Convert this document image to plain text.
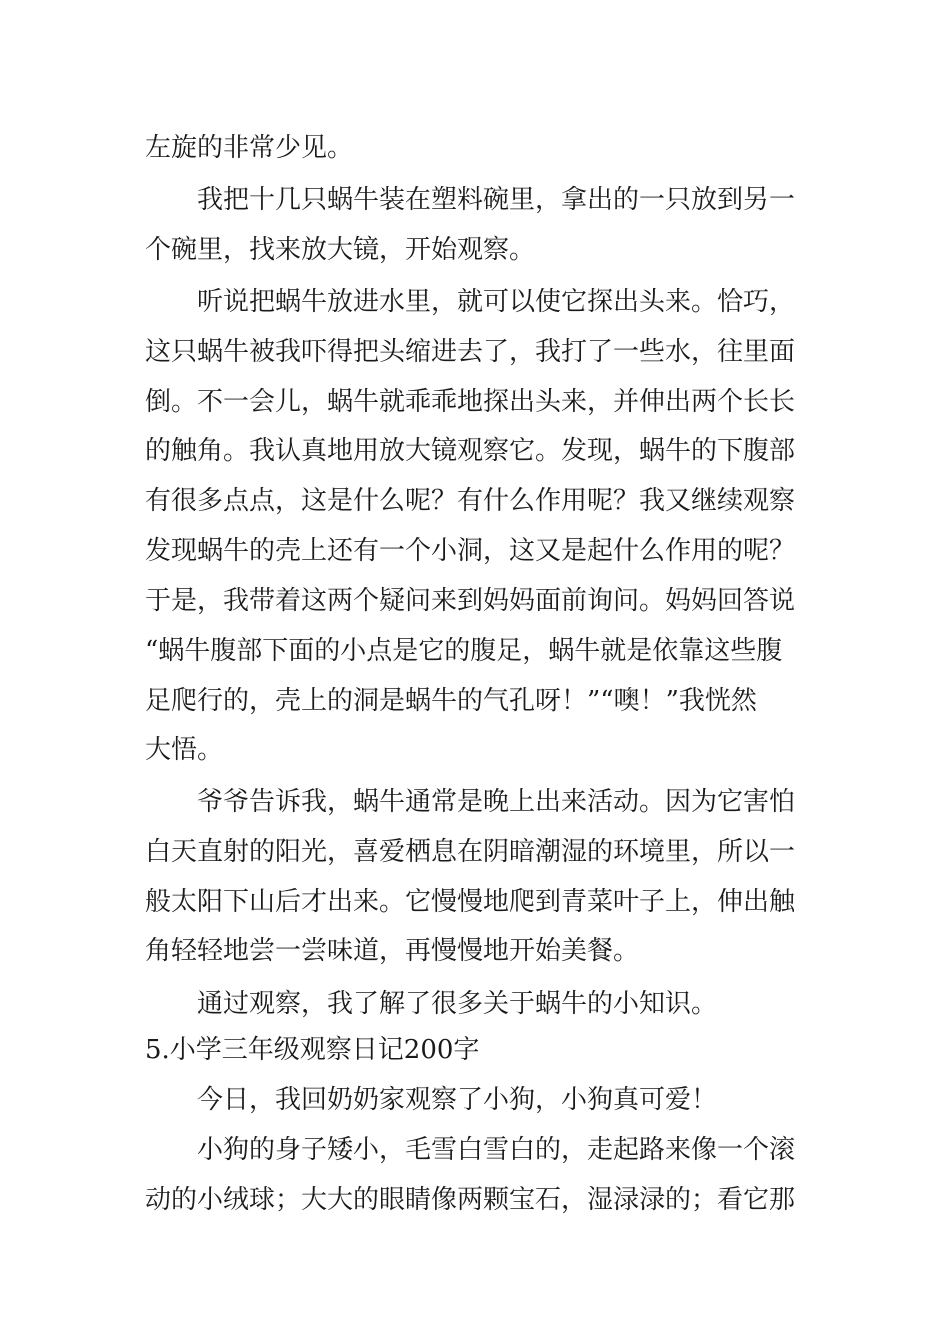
左旋的非常少见。
我把十几只蜗牛装在塑料碗里，拿出的一只放到另一
个碗里，找来放大镜，开始观察。
听说把蜗牛放进水里，就可以使它探出头来。恰巧，
这只蜗牛被我吓得把头缩进去了，我打了一些水，往里面
倒。不一会儿，蜗牛就乖乖地探出头来，并伸出两个长长
的触角。我认真地用放大镜观察它。发现，蜗牛的下腹部
有很多点点，这是什么呢？有什么作用呢？我又继续观察
发现蜗牛的壳上还有一个小洞，这又是起什么作用的呢？
于是，我带着这两个疑问来到妈妈面前询问。妈妈回答说
“蜗牛腹部下面的小点是它的腹足，蜗牛就是依靠这些腹
足爬行的，壳上的洞是蜗牛的气孔呀！”“噢！”我恍然
大悟。
爷爷告诉我，蜗牛通常是晚上出来活动。因为它害怕
白天直射的阳光，喜爱栖息在阴暗潮湿的环境里，所以一
般太阳下山后才出来。它慢慢地爬到青菜叶子上，伸出触
角轻轻地尝一尝味道，再慢慢地开始美餐。
通过观察，我了解了很多关于蜗牛的小知识。
5.小学三年级观察日记200字
今日，我回奶奶家观察了小狗，小狗真可爱！
小狗的身子矮小，毛雪白雪白的，走起路来像一个滚
动的小绒球；大大的眼睛像两颗宝石，湿渌渌的；看它那
